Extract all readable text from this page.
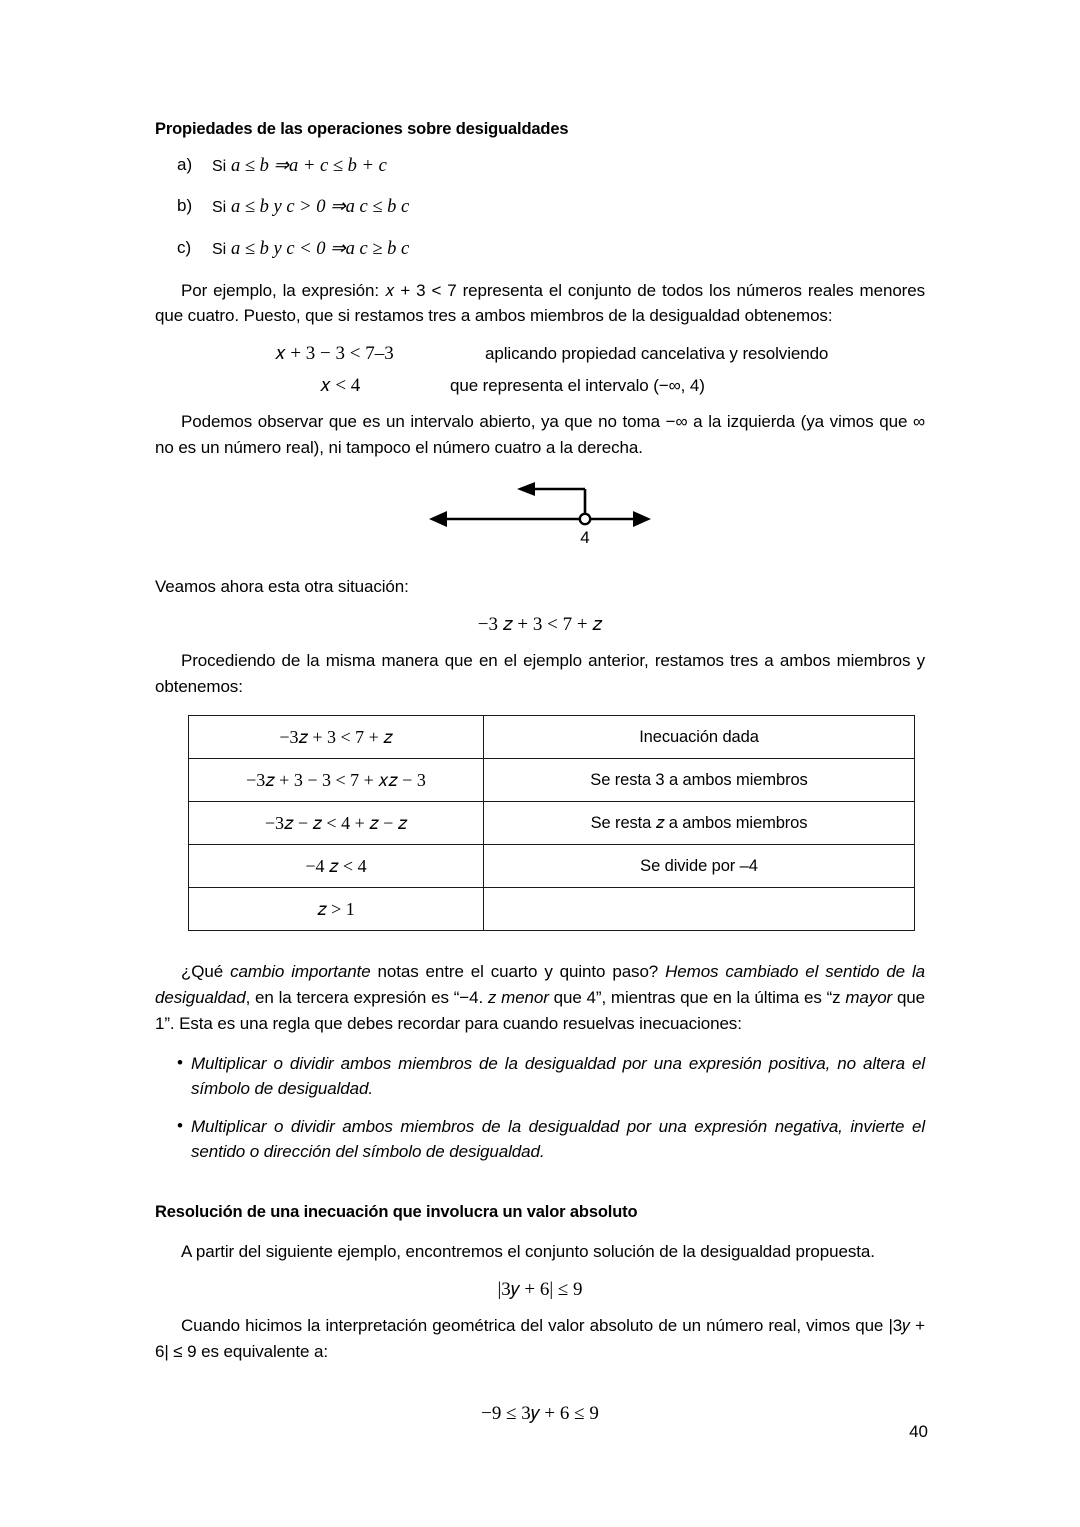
Propiedades de las operaciones sobre desigualdades
a) Si a ≤ b ⇒a + c ≤ b + c
b) Si a ≤ b y c > 0 ⇒a c ≤ b c
c) Si a ≤ b y c < 0 ⇒a c ≥ b c

Por ejemplo, la expresión: 𝑥 + 3 < 7 representa el conjunto de todos los números reales menores que cuatro. Puesto, que si restamos tres a ambos miembros de la desigualdad obtenemos:

𝑥 + 3 − 3 < 7–3	aplicando propiedad cancelativa y resolviendo
𝑥 < 4	que representa el intervalo (−∞, 4)

Podemos observar que es un intervalo abierto, ya que no toma −∞ a la izquierda (ya vimos que ∞ no es un número real), ni tampoco el número cuatro a la derecha.

4

Veamos ahora esta otra situación:

−3 𝑧 + 3 < 7 + 𝑧

Procediendo de la misma manera que en el ejemplo anterior, restamos tres a ambos miembros y obtenemos:

−3𝑧 + 3 < 7 + 𝑧	Inecuación dada
−3𝑧 + 3 − 3 < 7 + 𝑥𝑧 − 3	Se resta 3 a ambos miembros
−3𝑧 − 𝑧 < 4 + 𝑧 − 𝑧	Se resta 𝑧 a ambos miembros
−4 𝑧 < 4	Se divide por –4
𝑧 > 1	

¿Qué cambio importante notas entre el cuarto y quinto paso? Hemos cambiado el sentido de la desigualdad, en la tercera expresión es “−4. z menor que 4”, mientras que en la última es “z mayor que 1”. Esta es una regla que debes recordar para cuando resuelvas inecuaciones:

• Multiplicar o dividir ambos miembros de la desigualdad por una expresión positiva, no altera el símbolo de desigualdad.
• Multiplicar o dividir ambos miembros de la desigualdad por una expresión negativa, invierte el sentido o dirección del símbolo de desigualdad.
Resolución de una inecuación que involucra un valor absoluto

A partir del siguiente ejemplo, encontremos el conjunto solución de la desigualdad propuesta.

|3𝑦 + 6| ≤ 9

Cuando hicimos la interpretación geométrica del valor absoluto de un número real, vimos que |3𝑦 + 6| ≤ 9 es equivalente a:

−9 ≤ 3𝑦 + 6 ≤ 9
40
